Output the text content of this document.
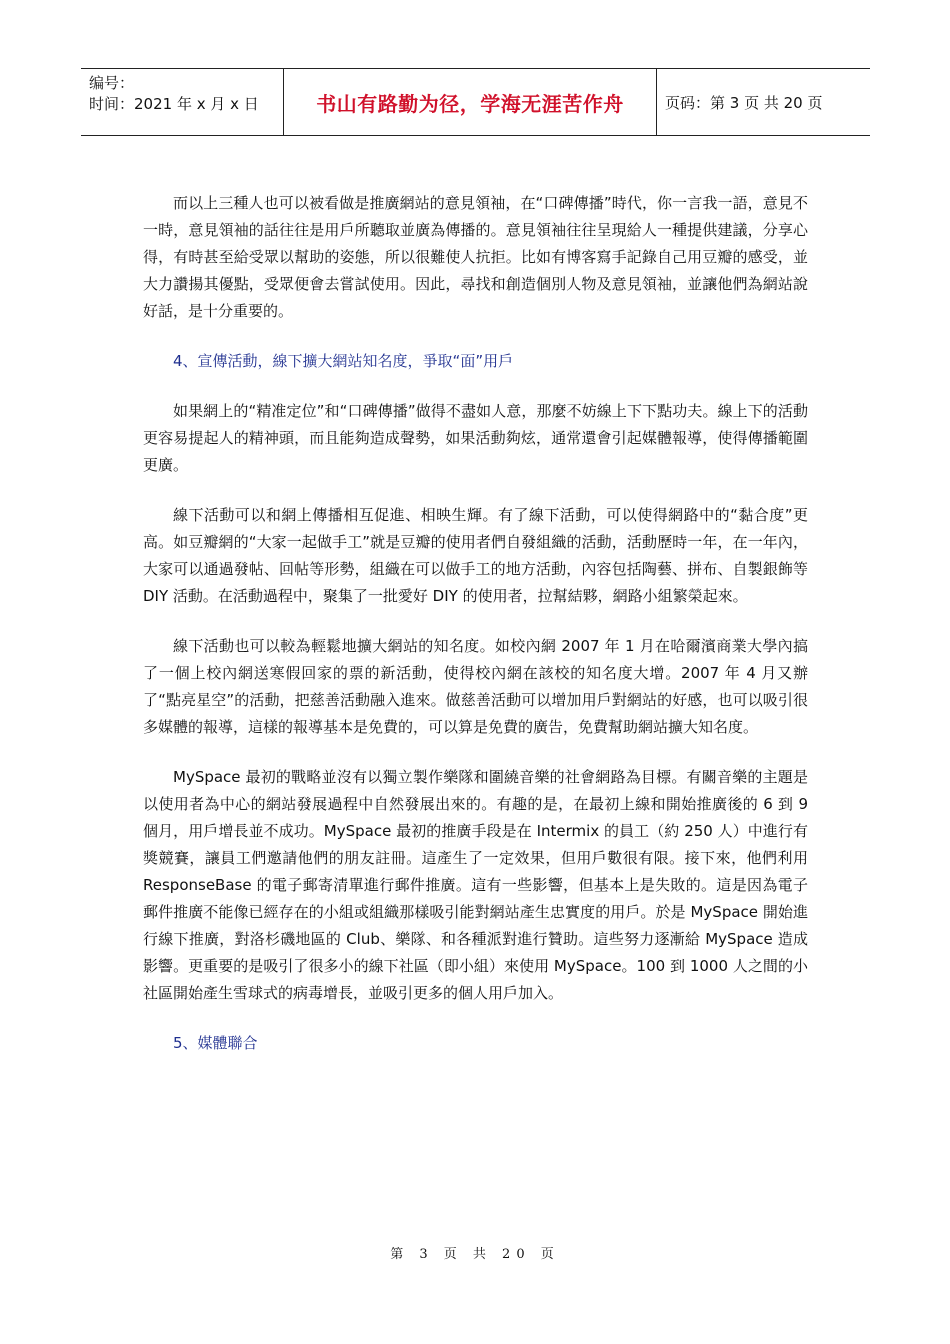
编号：
时间：2021 年 x 月 x 日	书山有路勤为径，学海无涯苦作舟	页码：第 3 页 共 20 页

而以上三種人也可以被看做是推廣網站的意見領袖，在“口碑傳播”時代，你一言我一語，意見不一時，意見領袖的話往往是用戶所聽取並廣為傳播的。意見領袖往往呈現給人一種提供建議，分享心得，有時甚至給受眾以幫助的姿態，所以很難使人抗拒。比如有博客寫手記錄自己用豆瓣的感受，並大力讚揚其優點，受眾便會去嘗試使用。因此，尋找和創造個別人物及意見領袖，並讓他們為網站說好話，是十分重要的。

4、宣傳活動，線下擴大網站知名度，爭取“面”用戶

如果網上的“精准定位”和“口碑傳播”做得不盡如人意，那麼不妨線上下下點功夫。線上下的活動更容易提起人的精神頭，而且能夠造成聲勢，如果活動夠炫，通常還會引起媒體報導，使得傳播範圍更廣。

線下活動可以和網上傳播相互促進、相映生輝。有了線下活動，可以使得網路中的“黏合度”更高。如豆瓣網的“大家一起做手工”就是豆瓣的使用者們自發組織的活動，活動歷時一年，在一年內，大家可以通過發帖、回帖等形勢，組織在可以做手工的地方活動，內容包括陶藝、拼布、自製銀飾等 DIY 活動。在活動過程中，聚集了一批愛好 DIY 的使用者，拉幫結夥，網路小組繁榮起來。

線下活動也可以較為輕鬆地擴大網站的知名度。如校內網 2007 年 1 月在哈爾濱商業大學內搞了一個上校內網送寒假回家的票的新活動，使得校內網在該校的知名度大增。2007 年 4 月又辦了“點亮星空”的活動，把慈善活動融入進來。做慈善活動可以增加用戶對網站的好感，也可以吸引很多媒體的報導，這樣的報導基本是免費的，可以算是免費的廣告，免費幫助網站擴大知名度。

MySpace 最初的戰略並沒有以獨立製作樂隊和圍繞音樂的社會網路為目標。有關音樂的主題是以使用者為中心的網站發展過程中自然發展出來的。有趣的是，在最初上線和開始推廣後的 6 到 9 個月，用戶增長並不成功。MySpace 最初的推廣手段是在 Intermix 的員工（約 250 人）中進行有獎競賽，讓員工們邀請他們的朋友註冊。這產生了一定效果，但用戶數很有限。接下來，他們利用 ResponseBase 的電子郵寄清單進行郵件推廣。這有一些影響，但基本上是失敗的。這是因為電子郵件推廣不能像已經存在的小組或組織那樣吸引能對網站產生忠實度的用戶。於是 MySpace 開始進行線下推廣，對洛杉磯地區的 Club、樂隊、和各種派對進行贊助。這些努力逐漸給 MySpace 造成影響。更重要的是吸引了很多小的線下社區（即小組）來使用 MySpace。100 到 1000 人之間的小社區開始產生雪球式的病毒增長，並吸引更多的個人用戶加入。

5、媒體聯合

第 3 页 共 20 页
